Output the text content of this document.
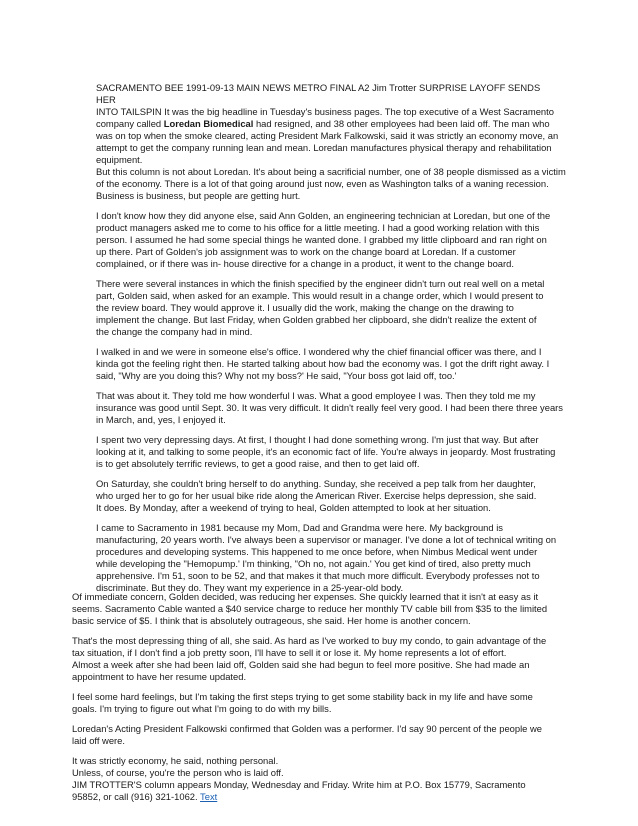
SACRAMENTO BEE 1991-09-13 MAIN NEWS METRO FINAL A2 Jim Trotter SURPRISE LAYOFF SENDS
HER
INTO TAILSPIN It was the big headline in Tuesday's business pages. The top executive of a West Sacramento
company called Loredan Biomedical had resigned, and 38 other employees had been laid off. The man who
was on top when the smoke cleared, acting President Mark Falkowski, said it was strictly an economy move, an
attempt to get the company running lean and mean. Loredan manufactures physical therapy and rehabilitation
equipment.
But this column is not about Loredan. It's about being a sacrificial number, one of 38 people dismissed as a victim
of the economy. There is a lot of that going around just now, even as Washington talks of a waning recession.
Business is business, but people are getting hurt.

I don't know how they did anyone else, said Ann Golden, an engineering technician at Loredan, but one of the
product managers asked me to come to his office for a little meeting. I had a good working relation with this
person. I assumed he had some special things he wanted done. I grabbed my little clipboard and ran right on
up there. Part of Golden's job assignment was to work on the change board at Loredan. If a customer
complained, or if there was in- house directive for a change in a product, it went to the change board.

There were several instances in which the finish specified by the engineer didn't turn out real well on a metal
part, Golden said, when asked for an example. This would result in a change order, which I would present to
the review board. They would approve it. I usually did the work, making the change on the drawing to
implement the change. But last Friday, when Golden grabbed her clipboard, she didn't realize the extent of
the change the company had in mind.

I walked in and we were in someone else's office. I wondered why the chief financial officer was there, and I
kinda got the feeling right then. He started talking about how bad the economy was. I got the drift right away. I
said, "Why are you doing this? Why not my boss?' He said, "Your boss got laid off, too.'

That was about it. They told me how wonderful I was. What a good employee I was. Then they told me my
insurance was good until Sept. 30. It was very difficult. It didn't really feel very good. I had been there three years
in March, and, yes, I enjoyed it.

I spent two very depressing days. At first, I thought I had done something wrong. I'm just that way. But after
looking at it, and talking to some people, it's an economic fact of life. You're always in jeopardy. Most frustrating
is to get absolutely terrific reviews, to get a good raise, and then to get laid off.

On Saturday, she couldn't bring herself to do anything. Sunday, she received a pep talk from her daughter,
who urged her to go for her usual bike ride along the American River. Exercise helps depression, she said.
It does. By Monday, after a weekend of trying to heal, Golden attempted to look at her situation.

I came to Sacramento in 1981 because my Mom, Dad and Grandma were here. My background is
manufacturing, 20 years worth. I've always been a supervisor or manager. I've done a lot of technical writing on
procedures and developing systems. This happened to me once before, when Nimbus Medical went under
while developing the "Hemopump.' I'm thinking, "Oh no, not again.' You get kind of tired, also pretty much
apprehensive. I'm 51, soon to be 52, and that makes it that much more difficult. Everybody professes not to
discriminate. But they do. They want my experience in a 25-year-old body.

Of immediate concern, Golden decided, was reducing her expenses. She quickly learned that it isn't at easy as it
seems. Sacramento Cable wanted a $40 service charge to reduce her monthly TV cable bill from $35 to the limited
basic service of $5. I think that is absolutely outrageous, she said. Her home is another concern.

That's the most depressing thing of all, she said. As hard as I've worked to buy my condo, to gain advantage of the
tax situation, if I don't find a job pretty soon, I'll have to sell it or lose it. My home represents a lot of effort.
Almost a week after she had been laid off, Golden said she had begun to feel more positive. She had made an
appointment to have her resume updated.

I feel some hard feelings, but I'm taking the first steps trying to get some stability back in my life and have some
goals. I'm trying to figure out what I'm going to do with my bills.

Loredan's Acting President Falkowski confirmed that Golden was a performer. I'd say 90 percent of the people we
laid off were.

It was strictly economy, he said, nothing personal.
Unless, of course, you're the person who is laid off.
JIM TROTTER'S column appears Monday, Wednesday and Friday. Write him at P.O. Box 15779, Sacramento
95852, or call (916) 321-1062. Text
